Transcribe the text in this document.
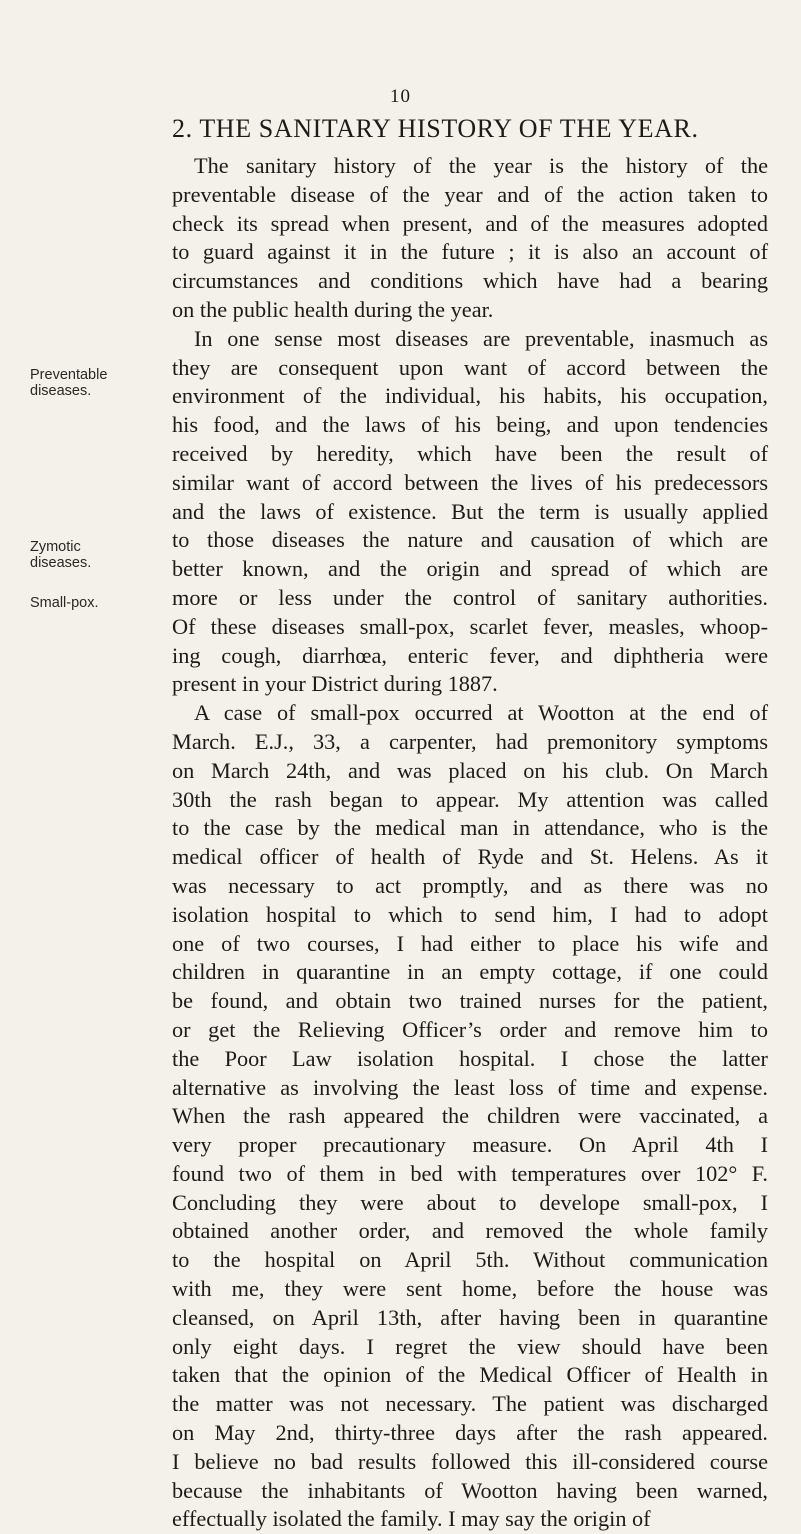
10
2. THE SANITARY HISTORY OF THE YEAR.
Preventable diseases.
Zymotic diseases.
Small-pox.
The sanitary history of the year is the history of the
preventable disease of the year and of the action taken to
check its spread when present, and of the measures adopted
to guard against it in the future ; it is also an account of
circumstances and conditions which have had a bearing
on the public health during the year.
In one sense most diseases are preventable, inasmuch as
they are consequent upon want of accord between the
environment of the individual, his habits, his occupation,
his food, and the laws of his being, and upon tendencies
received by heredity, which have been the result of
similar want of accord between the lives of his predecessors
and the laws of existence. But the term is usually applied
to those diseases the nature and causation of which are
better known, and the origin and spread of which are
more or less under the control of sanitary authorities.
Of these diseases small-pox, scarlet fever, measles, whoop-
ing cough, diarrhœa, enteric fever, and diphtheria were
present in your District during 1887.
A case of small-pox occurred at Wootton at the end of
March. E.J., 33, a carpenter, had premonitory symptoms
on March 24th, and was placed on his club. On March
30th the rash began to appear. My attention was called
to the case by the medical man in attendance, who is the
medical officer of health of Ryde and St. Helens. As it
was necessary to act promptly, and as there was no
isolation hospital to which to send him, I had to adopt
one of two courses, I had either to place his wife and
children in quarantine in an empty cottage, if one could
be found, and obtain two trained nurses for the patient,
or get the Relieving Officer’s order and remove him to
the Poor Law isolation hospital. I chose the latter
alternative as involving the least loss of time and expense.
When the rash appeared the children were vaccinated, a
very proper precautionary measure. On April 4th I
found two of them in bed with temperatures over 102° F.
Concluding they were about to develope small-pox, I
obtained another order, and removed the whole family
to the hospital on April 5th. Without communication
with me, they were sent home, before the house was
cleansed, on April 13th, after having been in quarantine
only eight days. I regret the view should have been
taken that the opinion of the Medical Officer of Health in
the matter was not necessary. The patient was discharged
on May 2nd, thirty-three days after the rash appeared.
I believe no bad results followed this ill-considered course
because the inhabitants of Wootton having been warned,
effectually isolated the family. I may say the origin of
